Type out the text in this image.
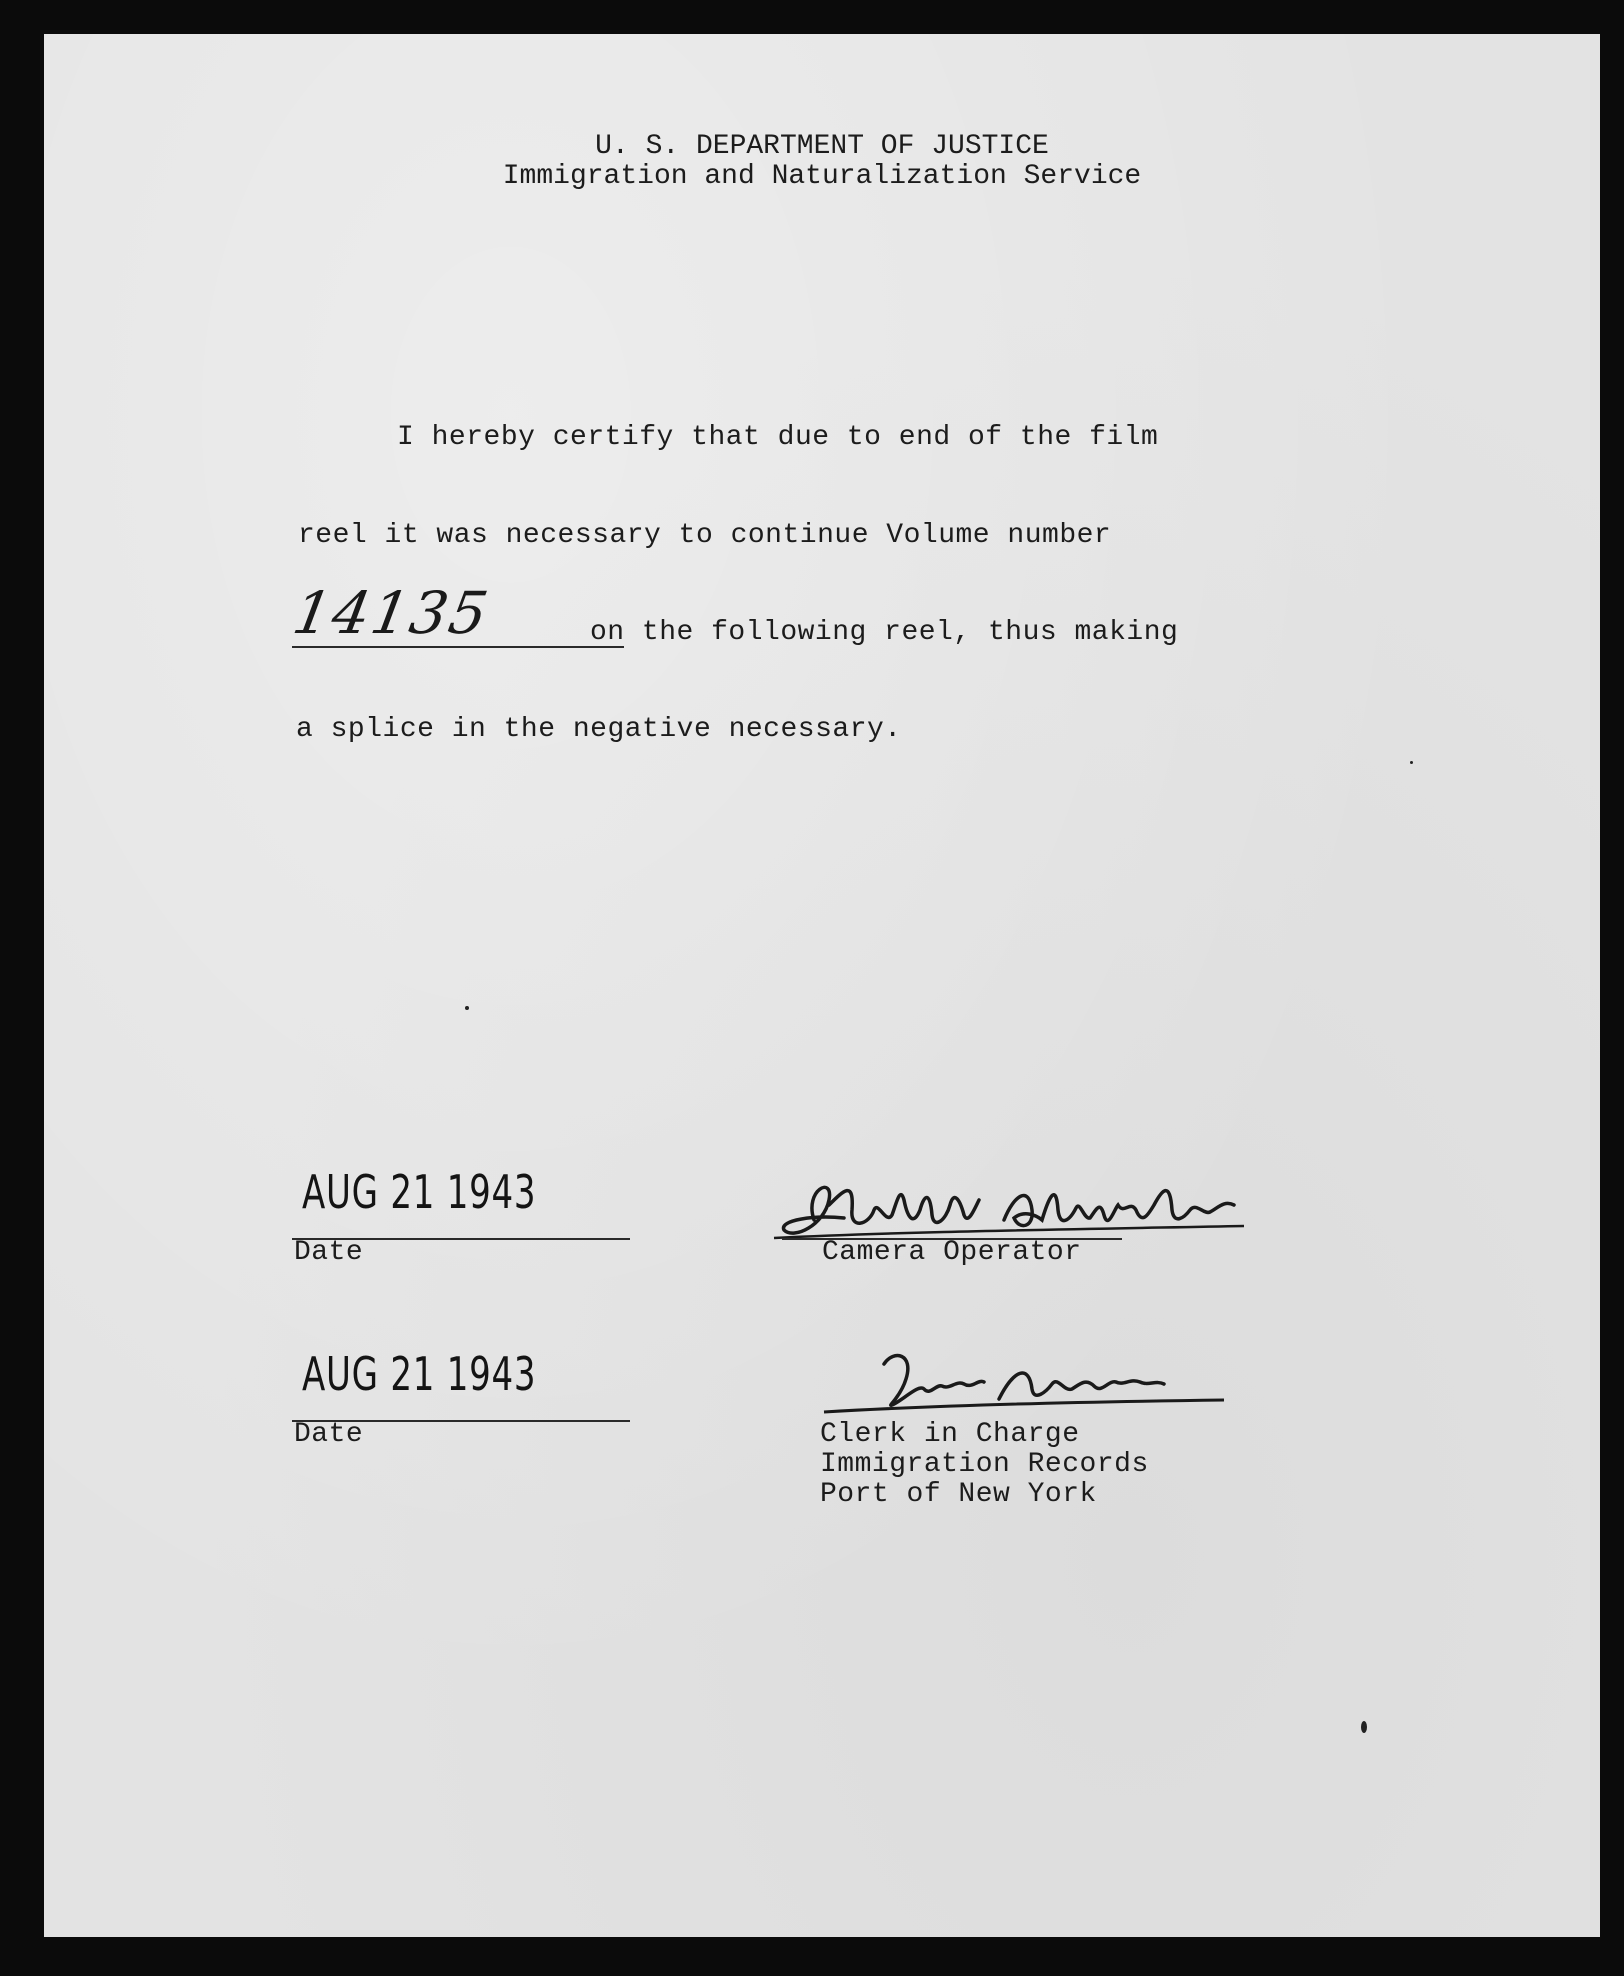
U. S. DEPARTMENT OF JUSTICE
Immigration and Naturalization Service
I hereby certify that due to end of the film
reel it was necessary to continue Volume number
14135	on the following reel, thus making
a splice in the negative necessary.
AUG 21 1943
Date	Camera Operator
AUG 21 1943
Date	Clerk in Charge
Immigration Records
Port of New York
